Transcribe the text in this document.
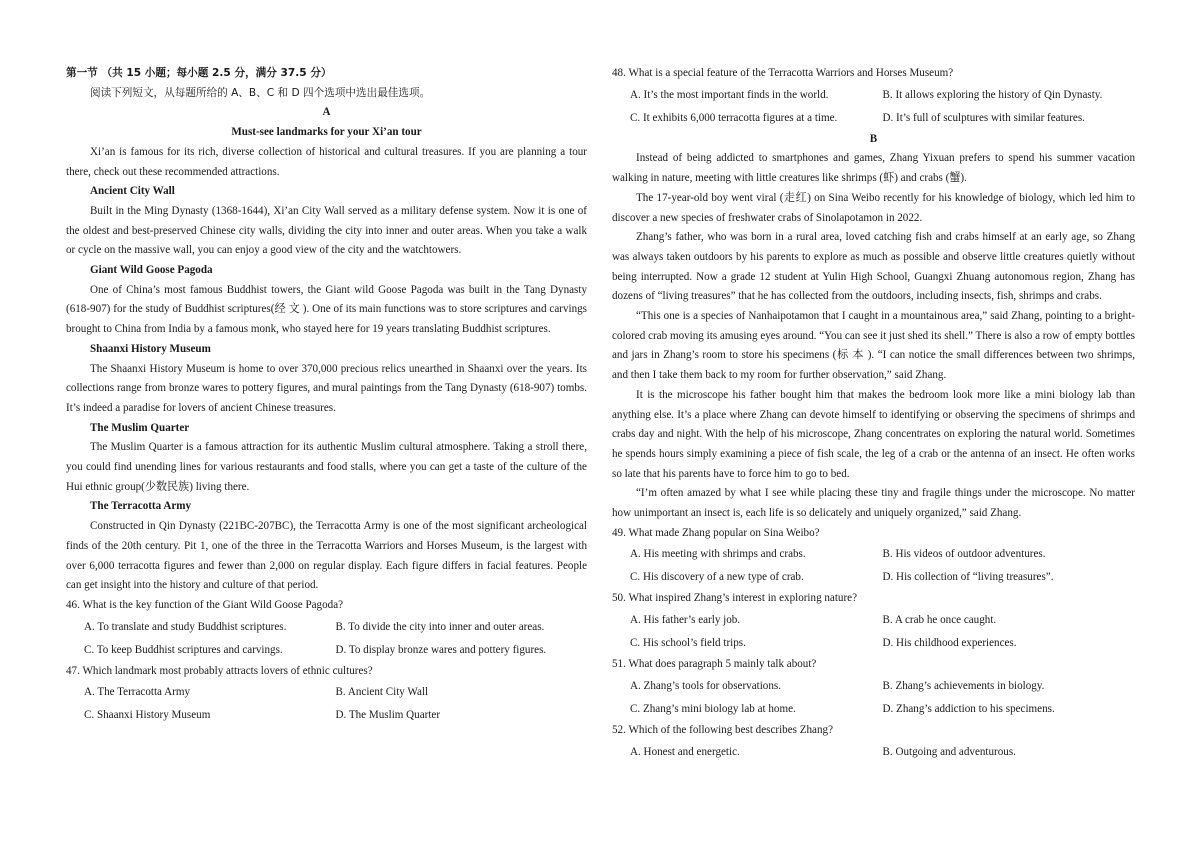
第一节 （共 15 小题；每小题 2.5 分，满分 37.5 分）

阅读下列短文，从每题所给的 A、B、C 和 D 四个选项中选出最佳选项。

A

Must-see landmarks for your Xi’an tour

Xi’an is famous for its rich, diverse collection of historical and cultural treasures. If you are planning a tour there, check out these recommended attractions.

Ancient City Wall

Built in the Ming Dynasty (1368-1644), Xi’an City Wall served as a military defense system. Now it is one of the oldest and best-preserved Chinese city walls, dividing the city into inner and outer areas. When you take a walk or cycle on the massive wall, you can enjoy a good view of the city and the watchtowers.

Giant Wild Goose Pagoda

One of China’s most famous Buddhist towers, the Giant wild Goose Pagoda was built in the Tang Dynasty (618-907) for the study of Buddhist scriptures(经 文 ). One of its main functions was to store scriptures and carvings brought to China from India by a famous monk, who stayed here for 19 years translating Buddhist scriptures.

Shaanxi History Museum

The Shaanxi History Museum is home to over 370,000 precious relics unearthed in Shaanxi over the years. Its collections range from bronze wares to pottery figures, and mural paintings from the Tang Dynasty (618-907) tombs. It’s indeed a paradise for lovers of ancient Chinese treasures.

The Muslim Quarter

The Muslim Quarter is a famous attraction for its authentic Muslim cultural atmosphere. Taking a stroll there, you could find unending lines for various restaurants and food stalls, where you can get a taste of the culture of the Hui ethnic group(少数民族) living there.

The Terracotta Army

Constructed in Qin Dynasty (221BC-207BC), the Terracotta Army is one of the most significant archeological finds of the 20th century. Pit 1, one of the three in the Terracotta Warriors and Horses Museum, is the largest with over 6,000 terracotta figures and fewer than 2,000 on regular display. Each figure differs in facial features. People can get insight into the history and culture of that period.

46. What is the key function of the Giant Wild Goose Pagoda?

A. To translate and study Buddhist scriptures.	B. To divide the city into inner and outer areas.
C. To keep Buddhist scriptures and carvings.	D. To display bronze wares and pottery figures.

47. Which landmark most probably attracts lovers of ethnic cultures?

A. The Terracotta Army	B. Ancient City Wall
C. Shaanxi History Museum	D. The Muslim Quarter

48. What is a special feature of the Terracotta Warriors and Horses Museum?

A. It’s the most important finds in the world.	B. It allows exploring the history of Qin Dynasty.
C. It exhibits 6,000 terracotta figures at a time.	D. It’s full of sculptures with similar features.

B

Instead of being addicted to smartphones and games, Zhang Yixuan prefers to spend his summer vacation walking in nature, meeting with little creatures like shrimps (虾) and crabs (蟹).

The 17-year-old boy went viral (走红) on Sina Weibo recently for his knowledge of biology, which led him to discover a new species of freshwater crabs of Sinolapotamon in 2022.

Zhang’s father, who was born in a rural area, loved catching fish and crabs himself at an early age, so Zhang was always taken outdoors by his parents to explore as much as possible and observe little creatures quietly without being interrupted. Now a grade 12 student at Yulin High School, Guangxi Zhuang autonomous region, Zhang has dozens of “living treasures” that he has collected from the outdoors, including insects, fish, shrimps and crabs.

“This one is a species of Nanhaipotamon that I caught in a mountainous area,” said Zhang, pointing to a bright-colored crab moving its amusing eyes around. “You can see it just shed its shell.” There is also a row of empty bottles and jars in Zhang’s room to store his specimens (标 本 ). “I can notice the small differences between two shrimps, and then I take them back to my room for further observation,” said Zhang.

It is the microscope his father bought him that makes the bedroom look more like a mini biology lab than anything else. It’s a place where Zhang can devote himself to identifying or observing the specimens of shrimps and crabs day and night. With the help of his microscope, Zhang concentrates on exploring the natural world. Sometimes he spends hours simply examining a piece of fish scale, the leg of a crab or the antenna of an insect. He often works so late that his parents have to force him to go to bed.

“I’m often amazed by what I see while placing these tiny and fragile things under the microscope. No matter how unimportant an insect is, each life is so delicately and uniquely organized,” said Zhang.

49. What made Zhang popular on Sina Weibo?

A. His meeting with shrimps and crabs.	B. His videos of outdoor adventures.
C. His discovery of a new type of crab.	D. His collection of “living treasures”.

50. What inspired Zhang’s interest in exploring nature?

A. His father’s early job.	B. A crab he once caught.
C. His school’s field trips.	D. His childhood experiences.

51. What does paragraph 5 mainly talk about?

A. Zhang’s tools for observations.	B. Zhang’s achievements in biology.
C. Zhang’s mini biology lab at home.	D. Zhang’s addiction to his specimens.

52. Which of the following best describes Zhang?

A. Honest and energetic.	B. Outgoing and adventurous.
